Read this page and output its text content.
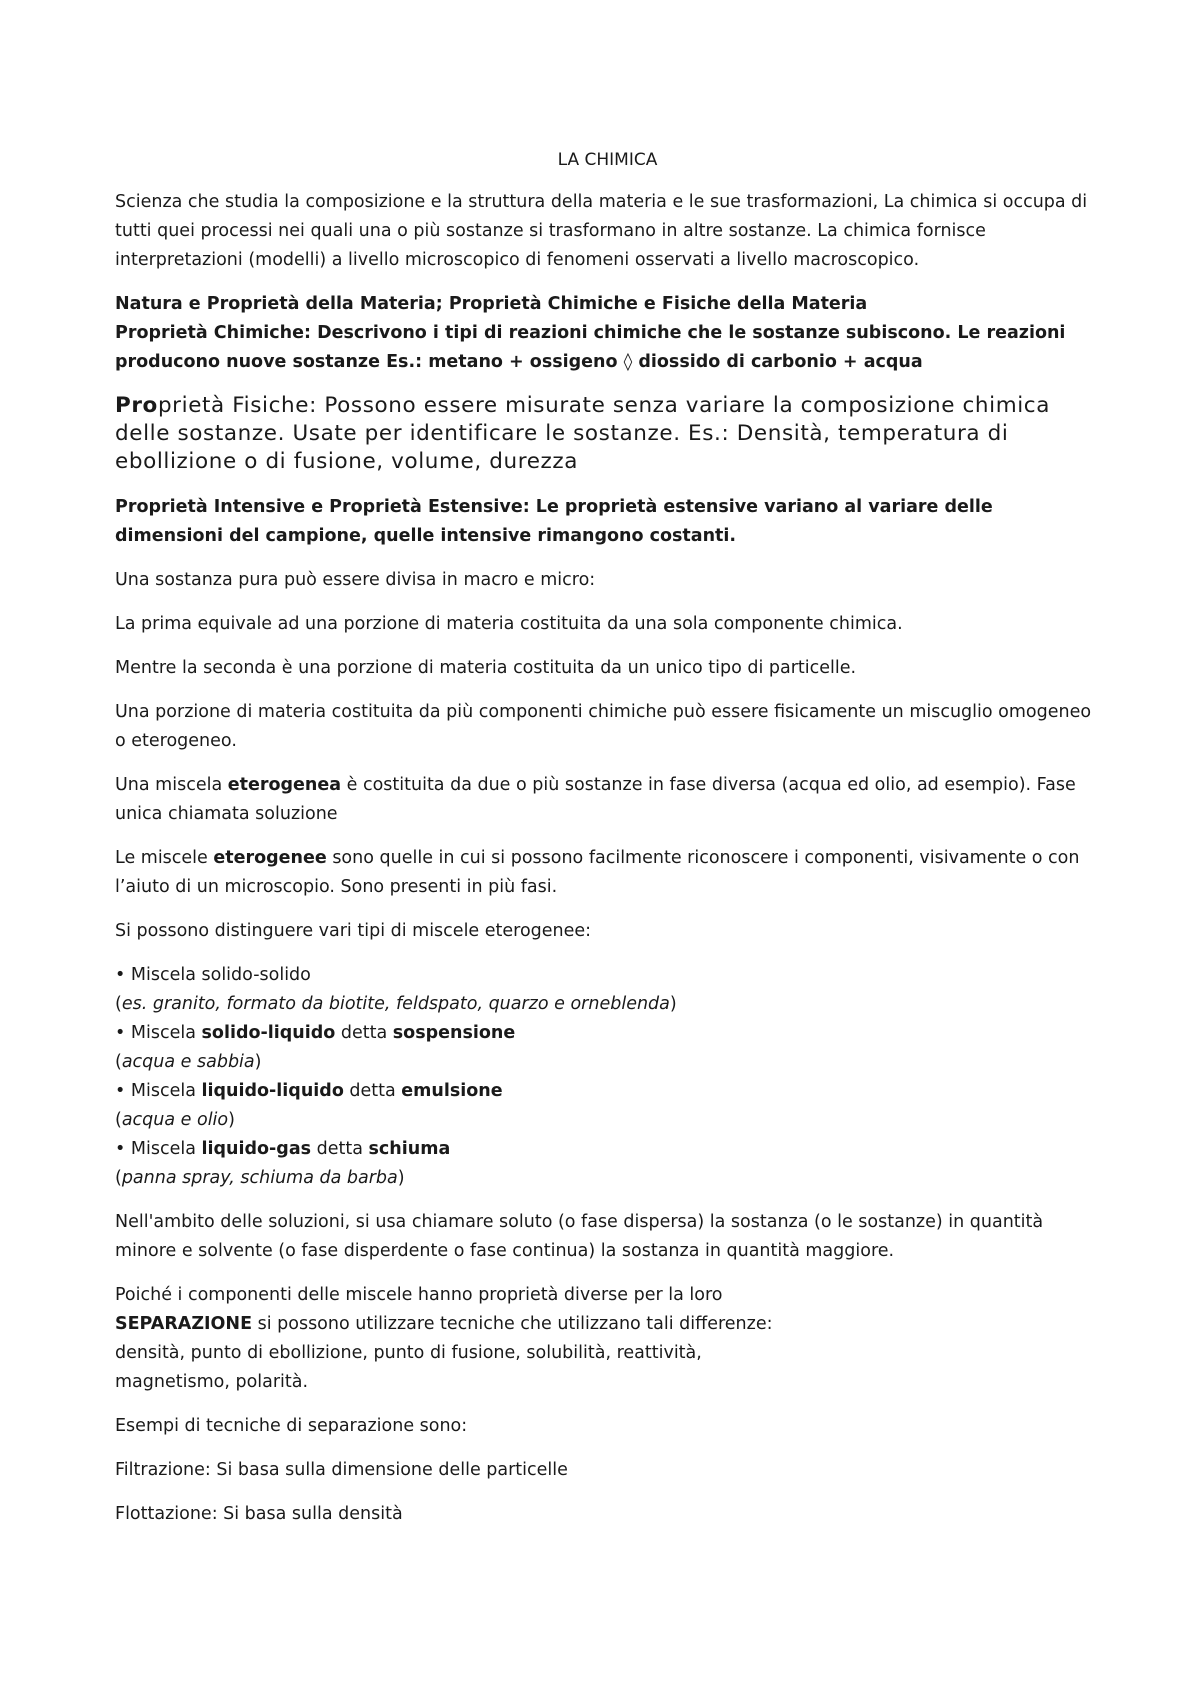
LA CHIMICA

Scienza che studia la composizione e la struttura della materia e le sue trasformazioni, La chimica si occupa di tutti quei processi nei quali una o più sostanze si trasformano in altre sostanze. La chimica fornisce interpretazioni (modelli) a livello microscopico di fenomeni osservati a livello macroscopico.

Natura e Proprietà della Materia; Proprietà Chimiche e Fisiche della Materia

Proprietà Chimiche: Descrivono i tipi di reazioni chimiche che le sostanze subiscono. Le reazioni producono nuove sostanze Es.: metano + ossigeno ◊ diossido di carbonio + acqua

Proprietà Fisiche: Possono essere misurate senza variare la composizione chimica delle sostanze. Usate per identificare le sostanze. Es.: Densità, temperatura di ebollizione o di fusione, volume, durezza

Proprietà Intensive e Proprietà Estensive: Le proprietà estensive variano al variare delle dimensioni del campione, quelle intensive rimangono costanti.

Una sostanza pura può essere divisa in macro e micro:

La prima equivale ad una porzione di materia costituita da una sola componente chimica.

Mentre la seconda è una porzione di materia costituita da un unico tipo di particelle.

Una porzione di materia costituita da più componenti chimiche può essere fisicamente un miscuglio omogeneo o eterogeneo.

Una miscela eterogenea è costituita da due o più sostanze in fase diversa (acqua ed olio, ad esempio). Fase unica chiamata soluzione

Le miscele eterogenee sono quelle in cui si possono facilmente riconoscere i componenti, visivamente o con l’aiuto di un microscopio. Sono presenti in più fasi.

Si possono distinguere vari tipi di miscele eterogenee:

• Miscela solido-solido

(es. granito, formato da biotite, feldspato, quarzo e orneblenda)

• Miscela solido-liquido detta sospensione

(acqua e sabbia)

• Miscela liquido-liquido detta emulsione

(acqua e olio)

• Miscela liquido-gas detta schiuma

(panna spray, schiuma da barba)

Nell'ambito delle soluzioni, si usa chiamare soluto (o fase dispersa) la sostanza (o le sostanze) in quantità minore e solvente (o fase disperdente o fase continua) la sostanza in quantità maggiore.

Poiché i componenti delle miscele hanno proprietà diverse per la loro
SEPARAZIONE si possono utilizzare tecniche che utilizzano tali differenze:
densità, punto di ebollizione, punto di fusione, solubilità, reattività,
magnetismo, polarità.

Esempi di tecniche di separazione sono:

Filtrazione: Si basa sulla dimensione delle particelle

Flottazione: Si basa sulla densità
